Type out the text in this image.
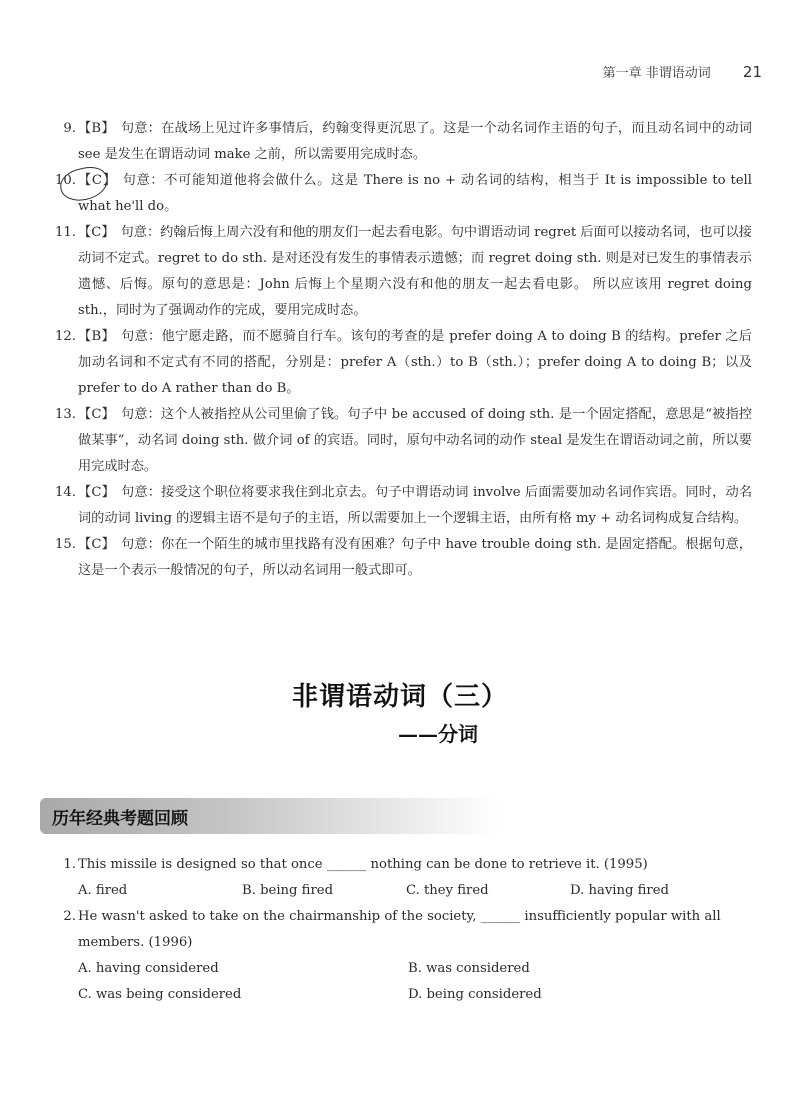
第一章 非谓语动词 21
9. 【B】 句意：在战场上见过许多事情后，约翰变得更沉思了。这是一个动名词作主语的句子，而且动名词中的动词 see 是发生在谓语动词 make 之前，所以需要用完成时态。
10. 【C】 句意：不可能知道他将会做什么。这是 There is no + 动名词的结构，相当于 It is impossible to tell what he'll do。
11. 【C】 句意：约翰后悔上周六没有和他的朋友们一起去看电影。句中谓语动词 regret 后面可以接动名词，也可以接动词不定式。regret to do sth. 是对还没有发生的事情表示遗憾；而 regret doing sth. 则是对已发生的事情表示遗憾、后悔。原句的意思是：John 后悔上个星期六没有和他的朋友一起去看电影。 所以应该用 regret doing sth.，同时为了强调动作的完成，要用完成时态。
12. 【B】 句意：他宁愿走路，而不愿骑自行车。该句的考查的是 prefer doing A to doing B 的结构。prefer 之后加动名词和不定式有不同的搭配，分别是：prefer A（sth.）to B（sth.）；prefer doing A to doing B；以及 prefer to do A rather than do B。
13. 【C】 句意：这个人被指控从公司里偷了钱。句子中 be accused of doing sth. 是一个固定搭配，意思是“被指控做某事”，动名词 doing sth. 做介词 of 的宾语。同时，原句中动名词的动作 steal 是发生在谓语动词之前，所以要用完成时态。
14. 【C】 句意：接受这个职位将要求我住到北京去。句子中谓语动词 involve 后面需要加动名词作宾语。同时，动名词的动词 living 的逻辑主语不是句子的主语，所以需要加上一个逻辑主语，由所有格 my + 动名词构成复合结构。
15. 【C】 句意：你在一个陌生的城市里找路有没有困难？句子中 have trouble doing sth. 是固定搭配。根据句意，这是一个表示一般情况的句子，所以动名词用一般式即可。
非谓语动词（三）
——分词
历年经典考题回顾
1. This missile is designed so that once ______ nothing can be done to retrieve it. (1995)
A. fired	B. being fired	C. they fired	D. having fired
2. He wasn't asked to take on the chairmanship of the society, ______ insufficiently popular with all members. (1996)
A. having considered	B. was considered
C. was being considered	D. being considered
